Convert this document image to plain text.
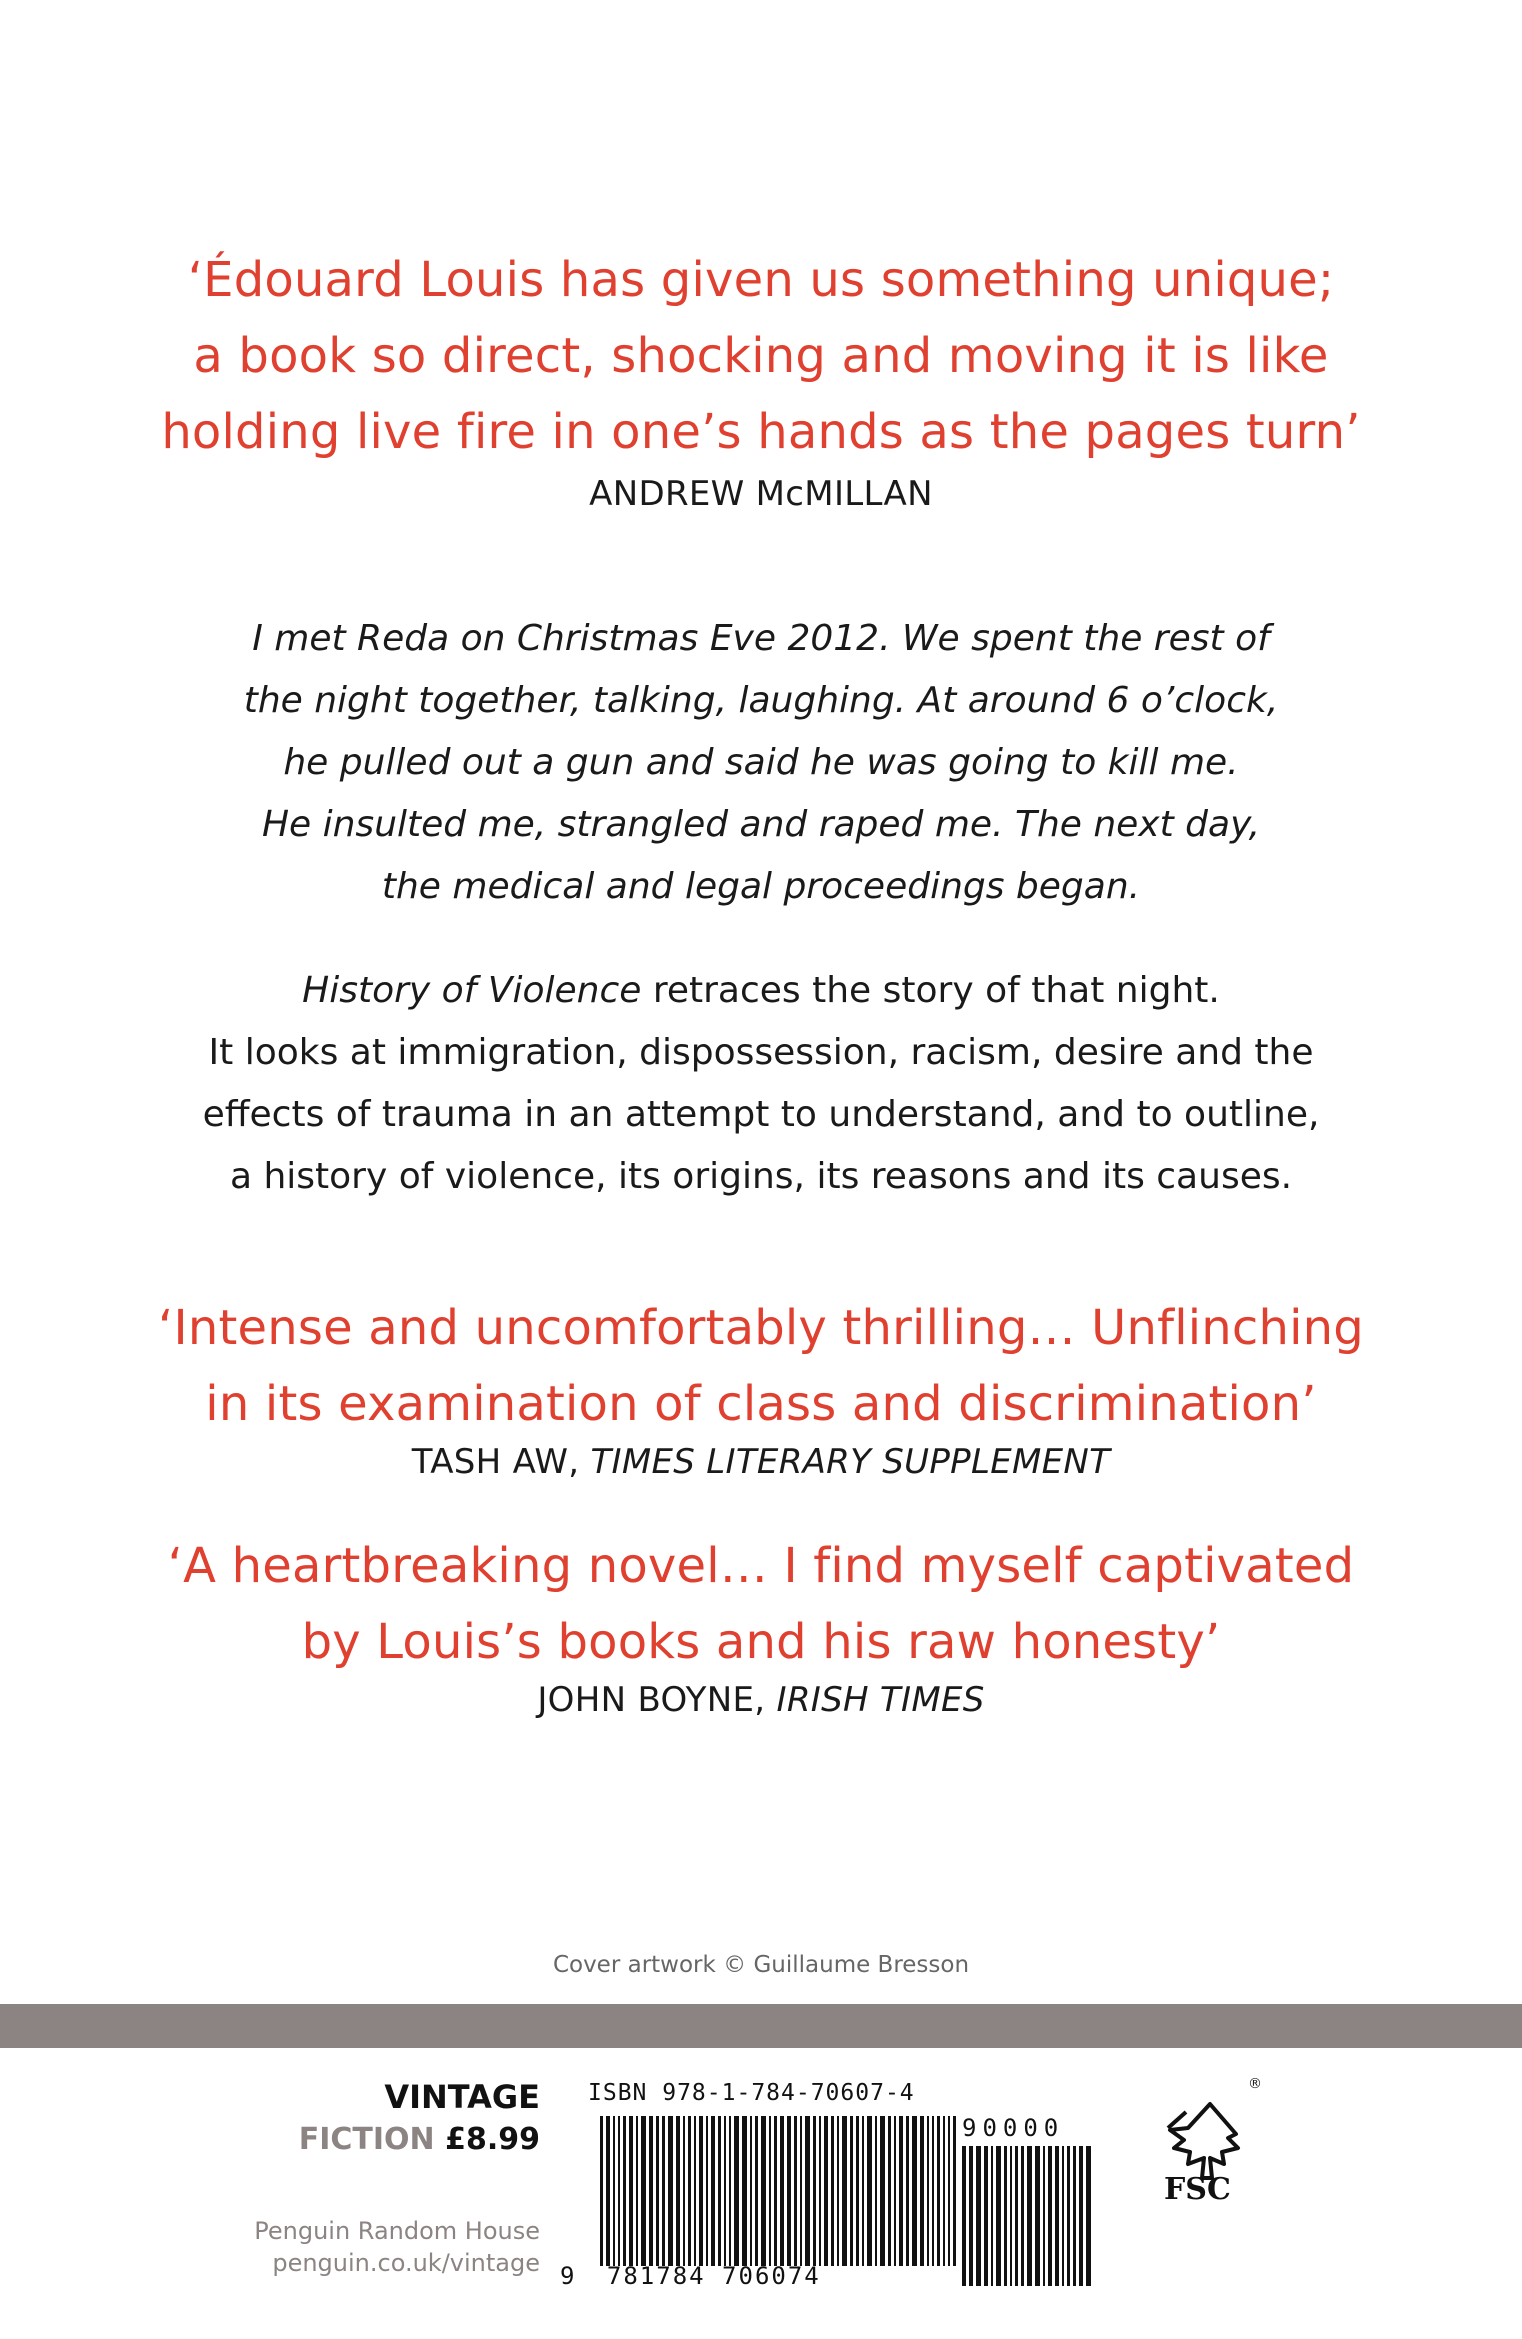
‘Édouard Louis has given us something unique;
a book so direct, shocking and moving it is like
holding live fire in one’s hands as the pages turn’
ANDREW McMILLAN
I met Reda on Christmas Eve 2012. We spent the rest of
the night together, talking, laughing. At around 6 o’clock,
he pulled out a gun and said he was going to kill me.
He insulted me, strangled and raped me. The next day,
the medical and legal proceedings began.
History of Violence retraces the story of that night.
It looks at immigration, dispossession, racism, desire and the
effects of trauma in an attempt to understand, and to outline,
a history of violence, its origins, its reasons and its causes.
‘Intense and uncomfortably thrilling… Unflinching
in its examination of class and discrimination’
TASH AW, TIMES LITERARY SUPPLEMENT
‘A heartbreaking novel… I find myself captivated
by Louis’s books and his raw honesty’
JOHN BOYNE, IRISH TIMES
Cover artwork © Guillaume Bresson
VINTAGE
FICTION £8.99
Penguin Random House
penguin.co.uk/vintage
ISBN 978-1-784-70607-4
9 781784 706074
90000
®
FSC
